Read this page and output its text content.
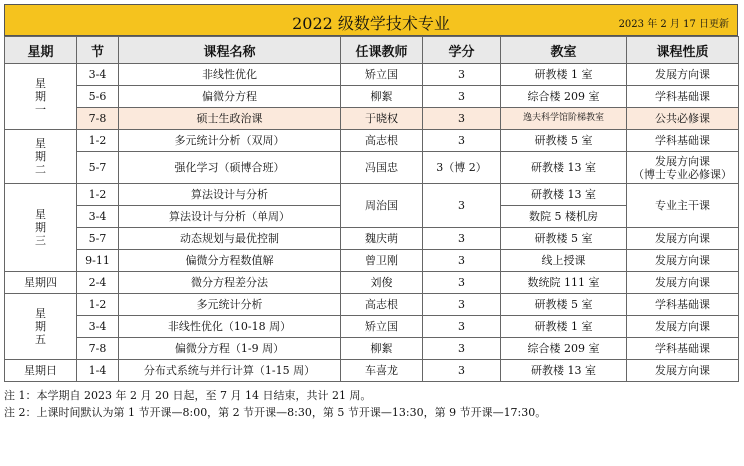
2022 级数学技术专业	2023 年 2 月 17 日更新
星期	节	课程名称	任课教师	学分	教室	课程性质
星
期
一	3-4	非线性优化	矫立国	3	研教楼 1 室	发展方向课
	5-6	偏微分方程	柳絮	3	综合楼 209 室	学科基础课
	7-8	硕士生政治课	于晓权	3	逸夫科学馆阶梯教室	公共必修课
星
期
二	1-2	多元统计分析（双周）	高志根	3	研教楼 5 室	学科基础课
	5-7	强化学习（硕博合班）	冯国忠	3（博 2）	研教楼 13 室	发展方向课
（博士专业必修课）
星
期
三	1-2	算法设计与分析	周治国	3	研教楼 13 室	专业主干课
	3-4	算法设计与分析（单周）			数院 5 楼机房	
	5-7	动态规划与最优控制	魏庆萌	3	研教楼 5 室	发展方向课
	9-11	偏微分方程数值解	曾卫刚	3	线上授课	发展方向课
星期四	2-4	微分方程差分法	刘俊	3	数统院 111 室	发展方向课
星
期
五	1-2	多元统计分析	高志根	3	研教楼 5 室	学科基础课
	3-4	非线性优化（10-18 周）	矫立国	3	研教楼 1 室	发展方向课
	7-8	偏微分方程（1-9 周）	柳絮	3	综合楼 209 室	学科基础课
星期日	1-4	分布式系统与并行计算（1-15 周）	车喜龙	3	研教楼 13 室	发展方向课
注 1：本学期自 2023 年 2 月 20 日起，至 7 月 14 日结束，共计 21 周。
注 2：上课时间默认为第 1 节开课—8:00，第 2 节开课—8:30，第 5 节开课—13:30，第 9 节开课—17:30。
